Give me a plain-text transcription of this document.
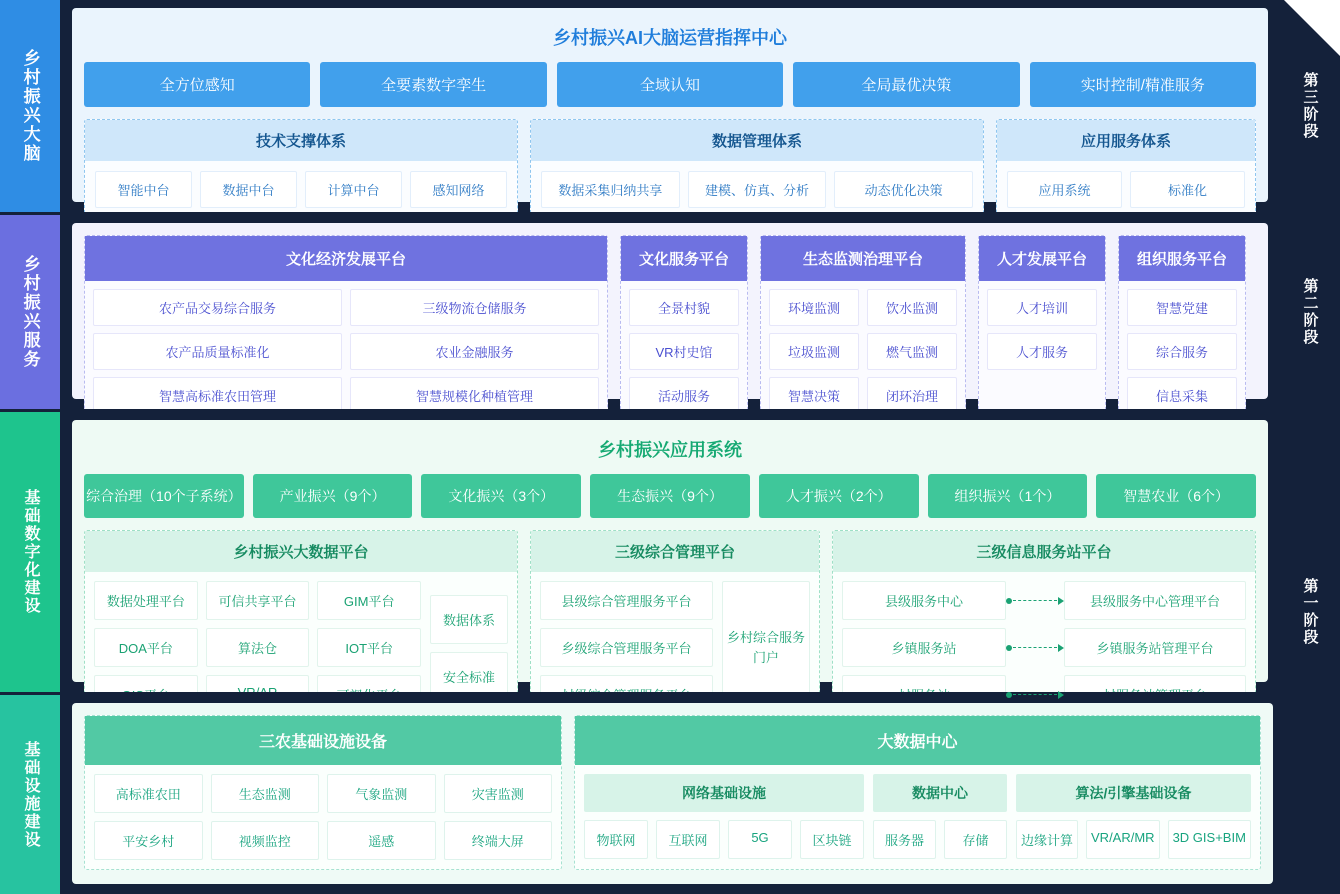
乡村振兴大脑
乡村振兴AI大脑运营指挥中心
全方位感知	全要素数字孪生	全域认知	全局最优决策	实时控制/精准服务
技术支撑体系
智能中台	数据中台	计算中台	感知网络
数据管理体系
数据采集归纳共享	建模、仿真、分析	动态优化决策
应用服务体系
应用系统	标准化
第三阶段
乡村振兴服务	文化经济发展平台
农产品交易综合服务	三级物流仓储服务
农产品质量标准化	农业金融服务
智慧高标准农田管理	智慧规模化种植管理
文化服务平台
全景村貌
VR村史馆
活动服务
生态监测治理平台
环境监测	饮水监测
垃圾监测	燃气监测
智慧决策	闭环治理
人才发展平台
人才培训
人才服务
组织服务平台
智慧党建
综合服务
信息采集
第二阶段
基础数字化建设
乡村振兴应用系统
综合治理（10个子系统）	产业振兴（9个）	文化振兴（3个）	生态振兴（9个）	人才振兴（2个）	组织振兴（1个）	智慧农业（6个）
乡村振兴大数据平台
数据处理平台	可信共享平台	GIM平台
DOA平台	算法仓	IOT平台
数据体系
安全标准
三级综合管理平台
县级综合管理服务平台
乡级综合管理服务平台
乡村综合服务门户
三级信息服务站平台
县级服务中心	县级服务中心管理平台
乡镇服务站	乡镇服务站管理平台
第一阶段
基础设施建设	三农基础设施设备
高标准农田	生态监测	气象监测	灾害监测
平安乡村	视频监控	遥感	终端大屏
大数据中心
网络基础设施
物联网	互联网	5G	区块链
数据中心
服务器	存储
算法/引擎基础设备
边缘计算	VR/AR/MR	3D GIS+BIM
